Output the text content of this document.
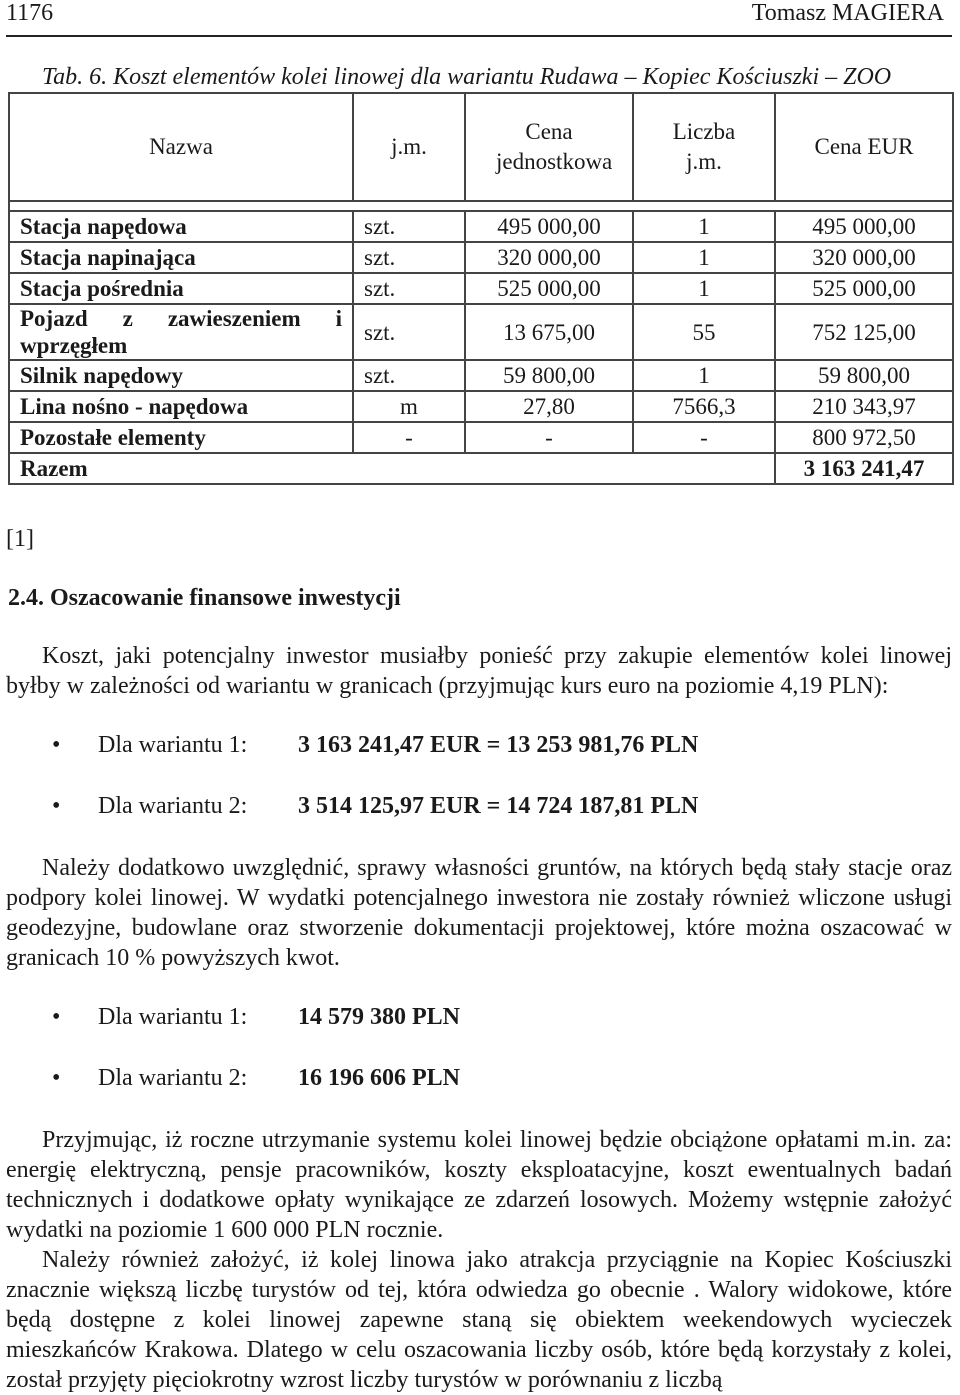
1176	Tomasz MAGIERA
Tab. 6. Koszt elementów kolei linowej dla wariantu Rudawa – Kopiec Kościuszki – ZOO
Nazwa	j.m.	Cena jednostkowa	Liczba j.m.	Cena EUR

Stacja napędowa	szt.	495 000,00	1	495 000,00
Stacja napinająca	szt.	320 000,00	1	320 000,00
Stacja pośrednia	szt.	525 000,00	1	525 000,00

Pojazd z zawieszeniem i wprzęgłem	szt.	13 675,00	55	752 125,00
Silnik napędowy	szt.	59 800,00	1	59 800,00
Lina nośno - napędowa	m	27,80	7566,3	210 343,97
Pozostałe elementy	-	-	-	800 972,50
Razem				3 163 241,47
[1]
2.4. Oszacowanie finansowe inwestycji
Koszt, jaki potencjalny inwestor musiałby ponieść przy zakupie elementów kolei linowej byłby w zależności od wariantu w granicach (przyjmując kurs euro na poziomie 4,19 PLN):
• Dla wariantu 1: 3 163 241,47 EUR = 13 253 981,76 PLN
• Dla wariantu 2: 3 514 125,97 EUR = 14 724 187,81 PLN
Należy dodatkowo uwzględnić, sprawy własności gruntów, na których będą stały stacje oraz podpory kolei linowej. W wydatki potencjalnego inwestora nie zostały również wliczone usługi geodezyjne, budowlane oraz stworzenie dokumentacji projektowej, które można oszacować w granicach 10 % powyższych kwot.
• Dla wariantu 1: 14 579 380 PLN
• Dla wariantu 2: 16 196 606 PLN
Przyjmując, iż roczne utrzymanie systemu kolei linowej będzie obciążone opłatami m.in. za: energię elektryczną, pensje pracowników, koszty eksploatacyjne, koszt ewentualnych badań technicznych i dodatkowe opłaty wynikające ze zdarzeń losowych. Możemy wstępnie założyć wydatki na poziomie 1 600 000 PLN rocznie.
Należy również założyć, iż kolej linowa jako atrakcja przyciągnie na Kopiec Kościuszki znacznie większą liczbę turystów od tej, która odwiedza go obecnie . Walory widokowe, które będą dostępne z kolei linowej zapewne staną się obiektem weekendowych wycieczek mieszkańców Krakowa. Dlatego w celu oszacowania liczby osób, które będą korzystały z kolei, został przyjęty pięciokrotny wzrost liczby turystów w porównaniu z liczbą
